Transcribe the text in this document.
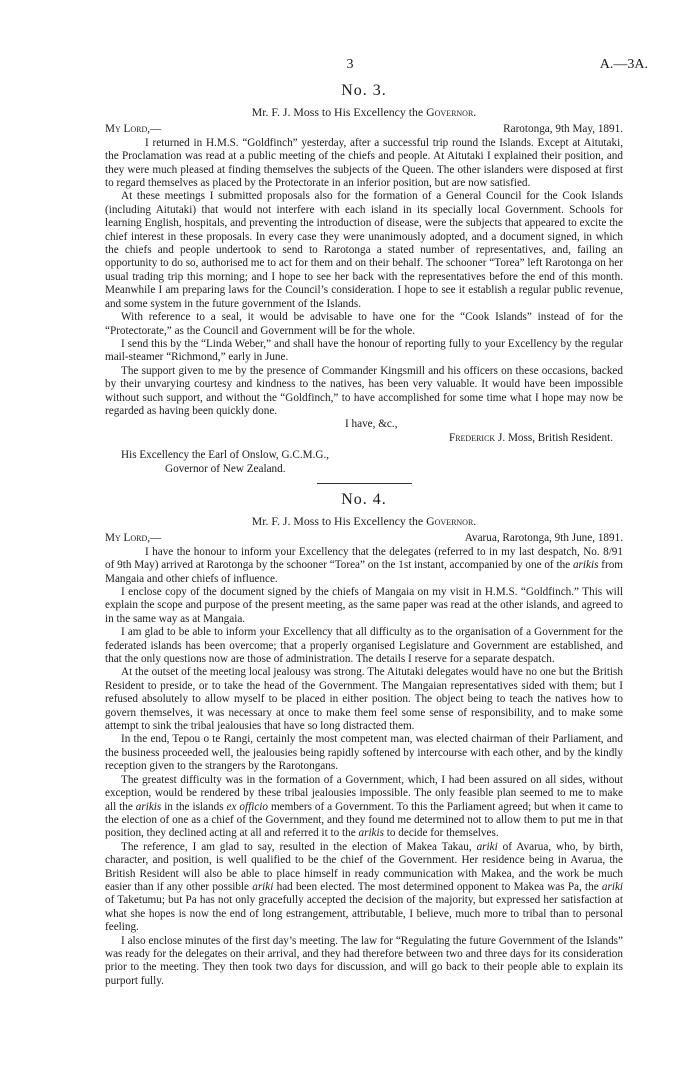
3	A.—3A.
No. 3.
Mr. F. J. Moss to His Excellency the Governor.
My Lord,—	Rarotonga, 9th May, 1891.

I returned in H.M.S. “Goldfinch” yesterday, after a successful trip round the Islands. Except at Aitutaki, the Proclamation was read at a public meeting of the chiefs and people. At Aitutaki I explained their position, and they were much pleased at finding themselves the subjects of the Queen. The other islanders were disposed at first to regard themselves as placed by the Protectorate in an inferior position, but are now satisfied.

At these meetings I submitted proposals also for the formation of a General Council for the Cook Islands (including Aitutaki) that would not interfere with each island in its specially local Government. Schools for learning English, hospitals, and preventing the introduction of disease, were the subjects that appeared to excite the chief interest in these proposals. In every case they were unanimously adopted, and a document signed, in which the chiefs and people undertook to send to Rarotonga a stated number of representatives, and, failing an opportunity to do so, authorised me to act for them and on their behalf. The schooner “Torea” left Rarotonga on her usual trading trip this morning; and I hope to see her back with the representatives before the end of this month. Meanwhile I am preparing laws for the Council’s consideration. I hope to see it establish a regular public revenue, and some system in the future government of the Islands.

With reference to a seal, it would be advisable to have one for the “Cook Islands” instead of for the “Protectorate,” as the Council and Government will be for the whole.

I send this by the “Linda Weber,” and shall have the honour of reporting fully to your Excellency by the regular mail-steamer “Richmond,” early in June.

The support given to me by the presence of Commander Kingsmill and his officers on these occasions, backed by their unvarying courtesy and kindness to the natives, has been very valuable. It would have been impossible without such support, and without the “Goldfinch,” to have accomplished for some time what I hope may now be regarded as having been quickly done.

I have, &c.,
Frederick J. Moss, British Resident.
His Excellency the Earl of Onslow, G.C.M.G.,
Governor of New Zealand.
No. 4.
Mr. F. J. Moss to His Excellency the Governor.
My Lord,—	Avarua, Rarotonga, 9th June, 1891.

I have the honour to inform your Excellency that the delegates (referred to in my last despatch, No. 8/91 of 9th May) arrived at Rarotonga by the schooner “Torea” on the 1st instant, accompanied by one of the arikis from Mangaia and other chiefs of influence.

I enclose copy of the document signed by the chiefs of Mangaia on my visit in H.M.S. “Goldfinch.” This will explain the scope and purpose of the present meeting, as the same paper was read at the other islands, and agreed to in the same way as at Mangaia.

I am glad to be able to inform your Excellency that all difficulty as to the organisation of a Government for the federated islands has been overcome; that a properly organised Legislature and Government are established, and that the only questions now are those of administration. The details I reserve for a separate despatch.

At the outset of the meeting local jealousy was strong. The Aitutaki delegates would have no one but the British Resident to preside, or to take the head of the Government. The Mangaian representatives sided with them; but I refused absolutely to allow myself to be placed in either position. The object being to teach the natives how to govern themselves, it was necessary at once to make them feel some sense of responsibility, and to make some attempt to sink the tribal jealousies that have so long distracted them.

In the end, Tepou o te Rangi, certainly the most competent man, was elected chairman of their Parliament, and the business proceeded well, the jealousies being rapidly softened by intercourse with each other, and by the kindly reception given to the strangers by the Rarotongans.

The greatest difficulty was in the formation of a Government, which, I had been assured on all sides, without exception, would be rendered by these tribal jealousies impossible. The only feasible plan seemed to me to make all the arikis in the islands ex officio members of a Government. To this the Parliament agreed; but when it came to the election of one as a chief of the Government, and they found me determined not to allow them to put me in that position, they declined acting at all and referred it to the arikis to decide for themselves.

The reference, I am glad to say, resulted in the election of Makea Takau, ariki of Avarua, who, by birth, character, and position, is well qualified to be the chief of the Government. Her residence being in Avarua, the British Resident will also be able to place himself in ready communication with Makea, and the work be much easier than if any other possible ariki had been elected. The most determined opponent to Makea was Pa, the ariki of Taketumu; but Pa has not only gracefully accepted the decision of the majority, but expressed her satisfaction at what she hopes is now the end of long estrangement, attributable, I believe, much more to tribal than to personal feeling.

I also enclose minutes of the first day’s meeting. The law for “Regulating the future Government of the Islands” was ready for the delegates on their arrival, and they had therefore between two and three days for its consideration prior to the meeting. They then took two days for discussion, and will go back to their people able to explain its purport fully.
